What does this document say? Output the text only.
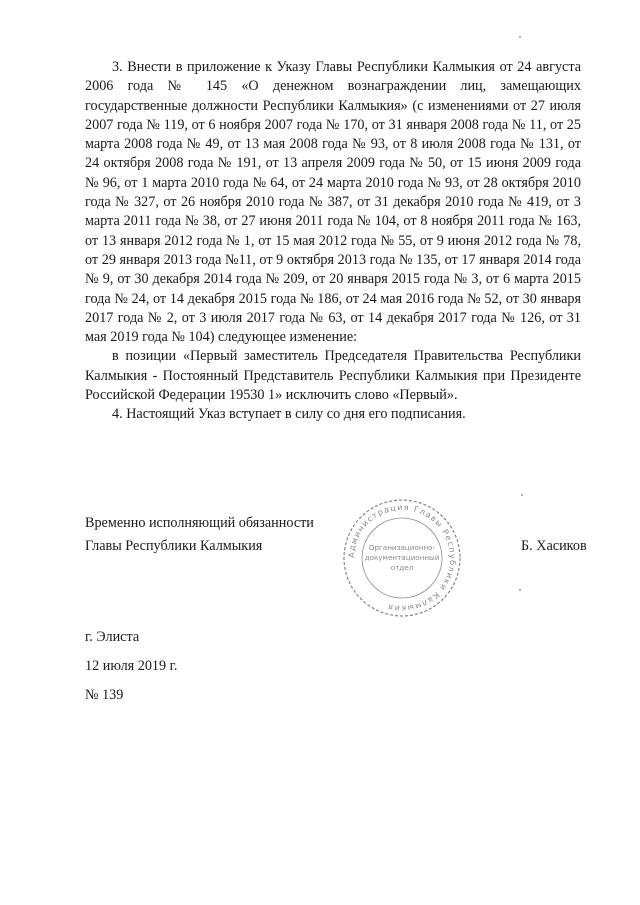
3. Внести в приложение к Указу Главы Республики Калмыкия от 24 августа 2006 года № 145 «О денежном вознаграждении лиц, замещающих государственные должности Республики Калмыкия» (с изменениями от 27 июля 2007 года № 119, от 6 ноября 2007 года № 170, от 31 января 2008 года № 11, от 25 марта 2008 года № 49, от 13 мая 2008 года № 93, от 8 июля 2008 года № 131, от 24 октября 2008 года № 191, от 13 апреля 2009 года № 50, от 15 июня 2009 года № 96, от 1 марта 2010 года № 64, от 24 марта 2010 года № 93, от 28 октября 2010 года № 327, от 26 ноября 2010 года № 387, от 31 декабря 2010 года № 419, от 3 марта 2011 года № 38, от 27 июня 2011 года № 104, от 8 ноября 2011 года № 163, от 13 января 2012 года № 1, от 15 мая 2012 года № 55, от 9 июня 2012 года № 78, от 29 января 2013 года №11, от 9 октября 2013 года № 135, от 17 января 2014 года № 9, от 30 декабря 2014 года № 209, от 20 января 2015 года № 3, от 6 марта 2015 года № 24, от 14 декабря 2015 года № 186, от 24 мая 2016 года № 52, от 30 января 2017 года № 2, от 3 июля 2017 года № 63, от 14 декабря 2017 года № 126, от 31 мая 2019 года № 104) следующее изменение:

в позиции «Первый заместитель Председателя Правительства Республики Калмыкия - Постоянный Представитель Республики Калмыкия при Президенте Российской Федерации 19530 1» исключить слово «Первый».

4. Настоящий Указ вступает в силу со дня его подписания.

Временно исполняющий обязанности
Главы Республики Калмыкия	Б. Хасиков
Администрация Главы Республики Калмыкия
Организационно-
документационный
отдел
г. Элиста
12 июля 2019 г.
№ 139
